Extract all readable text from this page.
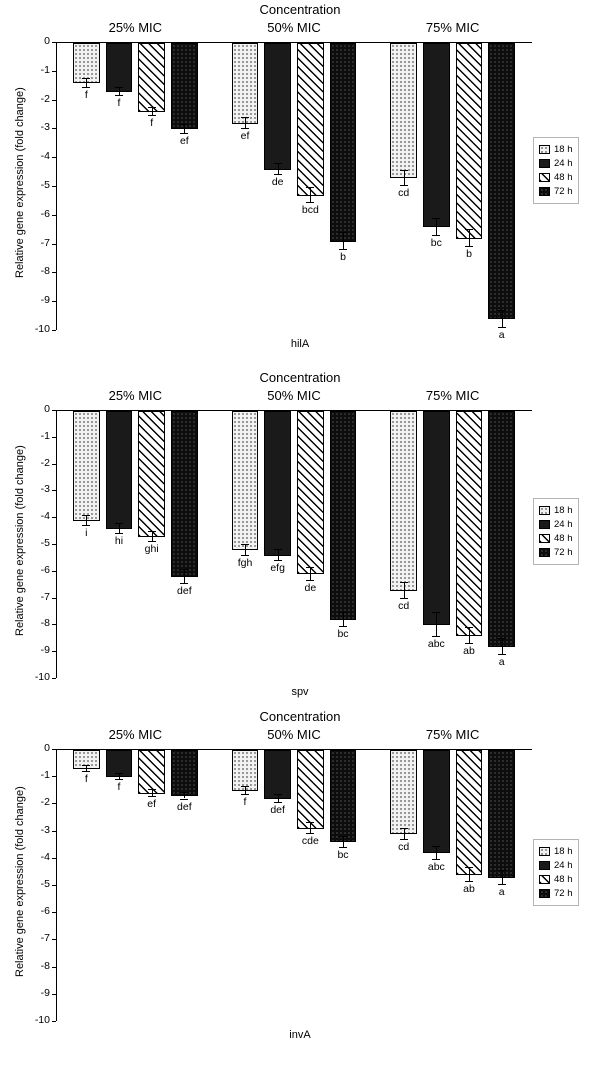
Concentration
25% MIC	50% MIC	75% MIC
Relative gene expression (fold change)
0
-1
-2
-3
-4
-5
-6
-7
-8
-9
-10
f
f
f
ef	ef
de
bcd
b
cd
bc
b
a
hilA
18 h
24 h
48 h
72 h
Concentration
25% MIC	50% MIC	75% MIC
Relative gene expression (fold change)
0
-1
-2
-3
-4
-5
-6
-7
-8
-9
-10
i
hi
ghi
def
fgh	efg
de
bc
cd
abc
ab
a
spv
18 h
24 h
48 h
72 h
Concentration
25% MIC	50% MIC	75% MIC
Relative gene expression (fold change)
0
-1
-2
-3
-4
-5
-6
-7
-8
-9
-10
f
f
ef	def	f
def
cde
bc
cd
abc
ab	a
invA
18 h
24 h
48 h
72 h
